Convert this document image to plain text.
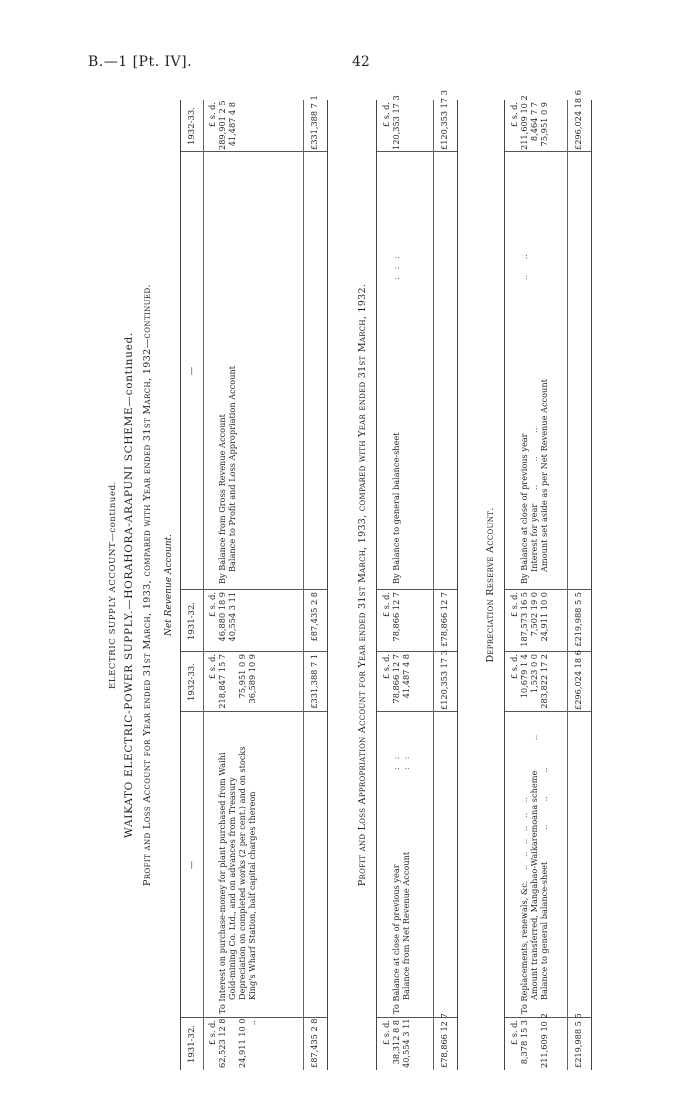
B.—1 [Pt. IV].	42
ELECTRIC SUPPLY ACCOUNT—continued. WAIKATO ELECTRIC-POWER SUPPLY.—HORAHORA-ARAPUNI SCHEME—continued. Profit and Loss Account for Year ended 31st March, 1933, compared with Year ended 31st March, 1932—continued. Net Revenue Account.
1931-32.
—
1932-33.
1931-32.
—
1932-33.
£ s. d.
£ s. d.
£ s. d.
£ s. d.
62,523 12 8
To Interest on purchase-money for plant purchased from Waihi Gold-mining Co. Ltd., and on advances from Treasury
218,847 15 7
24,911 10 0
Depreciation on completed works (2 per cent.) and on stocks
75,951 0 9
..
King's Wharf Station, half capital charges thereon
36,589 10 9
46,880 18 9
By Balance from Gross Revenue Account
289,901 2 5
40,554 3 11
Balance to Profit and Loss Appropriation Account
41,487 4 8
£87,435 2 8
£331,388 7 1
£87,435 2 8
£331,388 7 1
Profit and Loss Appropriation Account for Year ended 31st March, 1933, compared with Year ended 31st March, 1932.
£ s. d.
£ s. d.
£ s. d.
£ s. d.
38,312 8 8
To Balance at close of previous year
:   :
78,866 12 7
40,554 3 11
Balance from Net Revenue Account
:   :
41,487 4 8
78,866 12 7
By Balance to general balance-sheet
:   :   :
120,353 17 3
£78,866 12 7
£120,353 17 3
£78,866 12 7
£120,353 17 3
Depreciation Reserve Account.
£ s. d.
£ s. d.
£ s. d.
£ s. d.
8,378 15 3
To Replacements, renewals, &c.
..   ..   ..   ..   ..    ..
10,679 1 4
Amount transferred, Mangahao-Waikaremoana scheme
..
1,523 0 0
211,609 10 2
Balance to general balance-sheet
..         ..         ..
283,822 17 2
187,573 16 5
By Balance at close of previous year
..      ..
211,609 10 2
7,502 19 0
Interest for year
..         ..         ..
8,464 7 7
24,911 10 0
Amount set aside as per Net Revenue Account
75,951 0 9
£219,988 5 5
£296,024 18 6
£219,988 5 5
£296,024 18 6
